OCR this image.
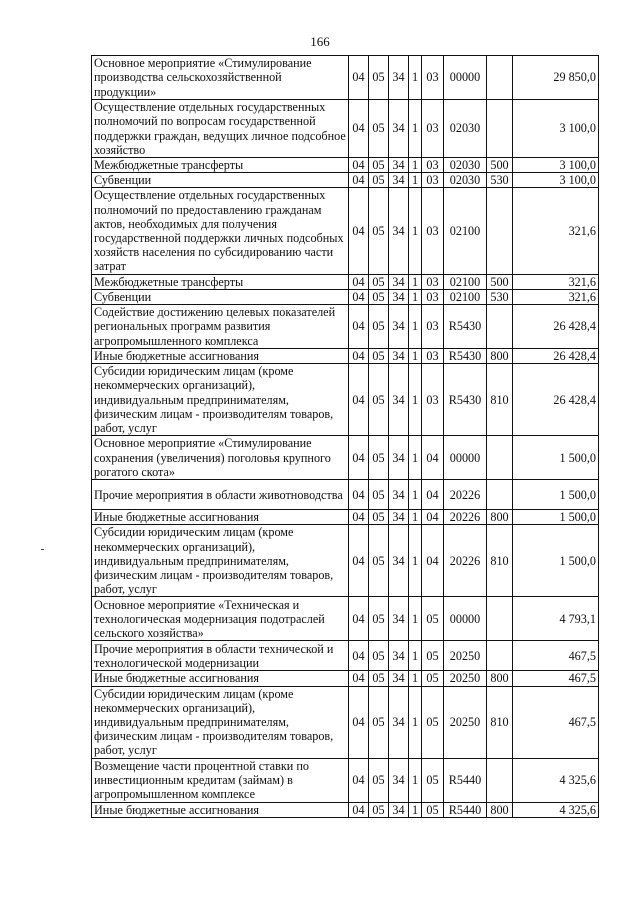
166
Основное мероприятие «Стимулирование производства сельскохозяйственной продукции»	04	05	34	1	03	00000		29 850,0
Осуществление отдельных государственных полномочий по вопросам государственной поддержки граждан, ведущих личное подсобное хозяйство	04	05	34	1	03	02030		3 100,0
Межбюджетные трансферты	04	05	34	1	03	02030	500	3 100,0
Субвенции	04	05	34	1	03	02030	530	3 100,0
Осуществление отдельных государственных полномочий по предоставлению гражданам актов, необходимых для получения государственной поддержки личных подсобных хозяйств населения по субсидированию части затрат	04	05	34	1	03	02100		321,6
Межбюджетные трансферты	04	05	34	1	03	02100	500	321,6
Субвенции	04	05	34	1	03	02100	530	321,6
Содействие достижению целевых показателей региональных программ развития агропромышленного комплекса	04	05	34	1	03	R5430		26 428,4
Иные бюджетные ассигнования	04	05	34	1	03	R5430	800	26 428,4
Субсидии юридическим лицам (кроме некоммерческих организаций), индивидуальным предпринимателям, физическим лицам - производителям товаров, работ, услуг	04	05	34	1	03	R5430	810	26 428,4
Основное мероприятие «Стимулирование сохранения (увеличения) поголовья крупного рогатого скота»	04	05	34	1	04	00000		1 500,0
Прочие мероприятия в области животноводства	04	05	34	1	04	20226		1 500,0
Иные бюджетные ассигнования	04	05	34	1	04	20226	800	1 500,0
Субсидии юридическим лицам (кроме некоммерческих организаций), индивидуальным предпринимателям, физическим лицам - производителям товаров, работ, услуг	04	05	34	1	04	20226	810	1 500,0
Основное мероприятие «Техническая и технологическая модернизация подотраслей сельского хозяйства»	04	05	34	1	05	00000		4 793,1
Прочие мероприятия в области технической и технологической модернизации	04	05	34	1	05	20250		467,5
Иные бюджетные ассигнования	04	05	34	1	05	20250	800	467,5
Субсидии юридическим лицам (кроме некоммерческих организаций), индивидуальным предпринимателям, физическим лицам - производителям товаров, работ, услуг	04	05	34	1	05	20250	810	467,5
Возмещение части процентной ставки по инвестиционным кредитам (займам) в агропромышленном комплексе	04	05	34	1	05	R5440		4 325,6
Иные бюджетные ассигнования	04	05	34	1	05	R5440	800	4 325,6
